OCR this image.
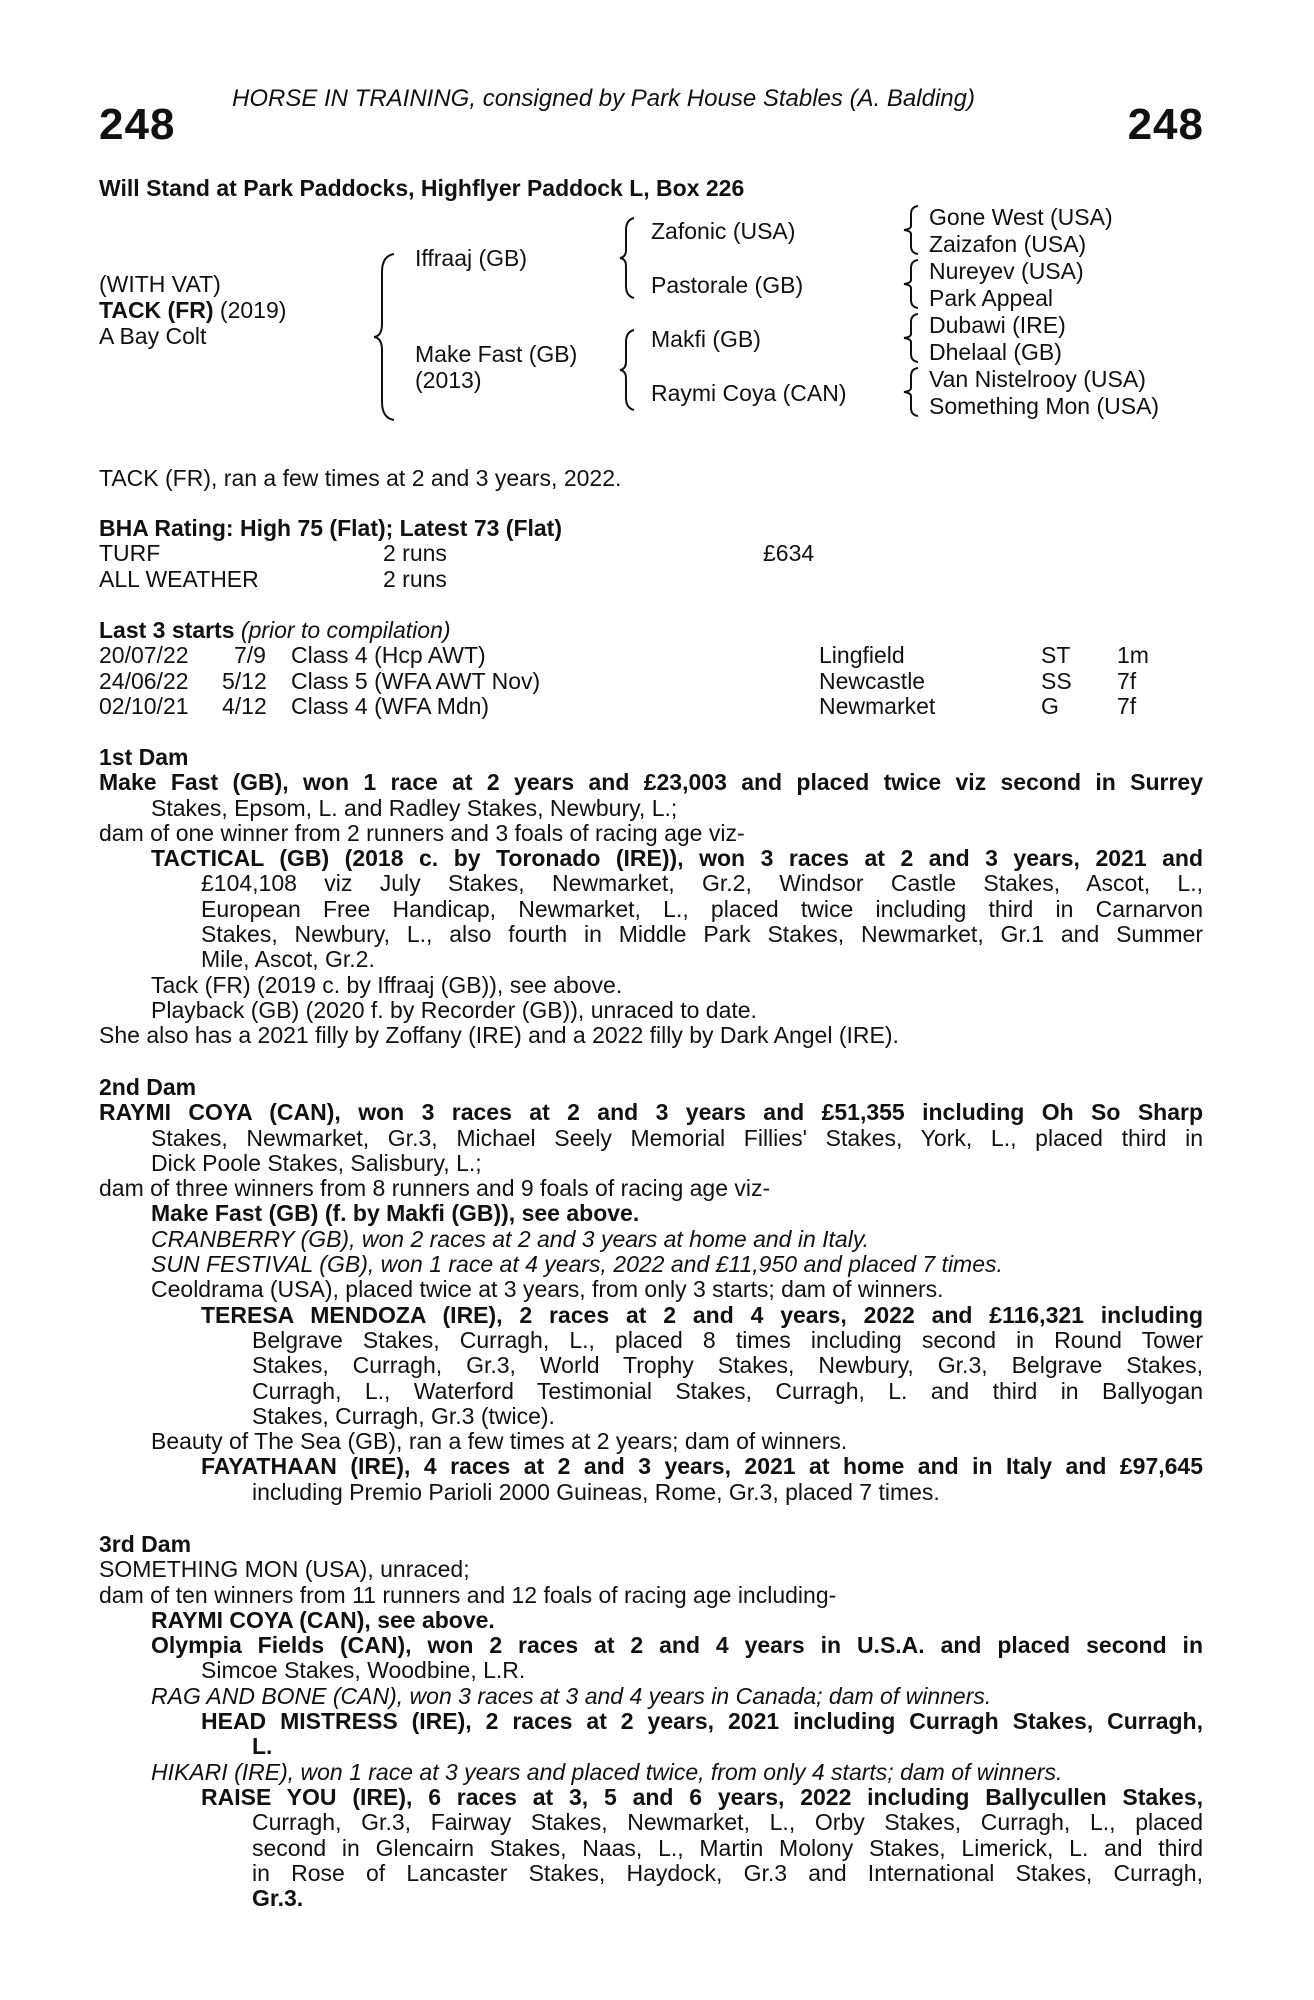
HORSE IN TRAINING, consigned by Park House Stables (A. Balding)
248	248
Will Stand at Park Paddocks, Highflyer Paddock L, Box 226
(WITH VAT)
TACK (FR) (2019)
A Bay Colt
Iffraaj (GB)
Make Fast (GB)
(2013)
Zafonic (USA)
Pastorale (GB)
Makfi (GB)
Raymi Coya (CAN)
Gone West (USA)
Zaizafon (USA)
Nureyev (USA)
Park Appeal
Dubawi (IRE)
Dhelaal (GB)
Van Nistelrooy (USA)
Something Mon (USA)
TACK (FR), ran a few times at 2 and 3 years, 2022.
BHA Rating: High 75 (Flat); Latest 73 (Flat)
TURF	2 runs	£634
ALL WEATHER	2 runs
Last 3 starts (prior to compilation)
20/07/22 7/9 Class 4 (Hcp AWT)	Lingfield	ST 1m
24/06/22 5/12 Class 5 (WFA AWT Nov)	Newcastle	SS 7f
02/10/21 4/12 Class 4 (WFA Mdn)	Newmarket	G	7f
1st Dam
Make Fast (GB), won 1 race at 2 years and £23,003 and placed twice viz second in Surrey
Stakes, Epsom, L. and Radley Stakes, Newbury, L.;
dam of one winner from 2 runners and 3 foals of racing age viz-
TACTICAL (GB) (2018 c. by Toronado (IRE)), won 3 races at 2 and 3 years, 2021 and
£104,108 viz July Stakes, Newmarket, Gr.2, Windsor Castle Stakes, Ascot, L.,
European Free Handicap, Newmarket, L., placed twice including third in Carnarvon
Stakes, Newbury, L., also fourth in Middle Park Stakes, Newmarket, Gr.1 and Summer
Mile, Ascot, Gr.2.
Tack (FR) (2019 c. by Iffraaj (GB)), see above.
Playback (GB) (2020 f. by Recorder (GB)), unraced to date.
She also has a 2021 filly by Zoffany (IRE) and a 2022 filly by Dark Angel (IRE).
2nd Dam
RAYMI COYA (CAN), won 3 races at 2 and 3 years and £51,355 including Oh So Sharp
Stakes, Newmarket, Gr.3, Michael Seely Memorial Fillies' Stakes, York, L., placed third in
Dick Poole Stakes, Salisbury, L.;
dam of three winners from 8 runners and 9 foals of racing age viz-
Make Fast (GB) (f. by Makfi (GB)), see above.
CRANBERRY (GB), won 2 races at 2 and 3 years at home and in Italy.
SUN FESTIVAL (GB), won 1 race at 4 years, 2022 and £11,950 and placed 7 times.
Ceoldrama (USA), placed twice at 3 years, from only 3 starts; dam of winners.
TERESA MENDOZA (IRE), 2 races at 2 and 4 years, 2022 and £116,321 including
Belgrave Stakes, Curragh, L., placed 8 times including second in Round Tower
Stakes, Curragh, Gr.3, World Trophy Stakes, Newbury, Gr.3, Belgrave Stakes,
Curragh, L., Waterford Testimonial Stakes, Curragh, L. and third in Ballyogan
Stakes, Curragh, Gr.3 (twice).
Beauty of The Sea (GB), ran a few times at 2 years; dam of winners.
FAYATHAAN (IRE), 4 races at 2 and 3 years, 2021 at home and in Italy and £97,645
including Premio Parioli 2000 Guineas, Rome, Gr.3, placed 7 times.
3rd Dam
SOMETHING MON (USA), unraced;
dam of ten winners from 11 runners and 12 foals of racing age including-
RAYMI COYA (CAN), see above.
Olympia Fields (CAN), won 2 races at 2 and 4 years in U.S.A. and placed second in
Simcoe Stakes, Woodbine, L.R.
RAG AND BONE (CAN), won 3 races at 3 and 4 years in Canada; dam of winners.
HEAD MISTRESS (IRE), 2 races at 2 years, 2021 including Curragh Stakes, Curragh,
L.
HIKARI (IRE), won 1 race at 3 years and placed twice, from only 4 starts; dam of winners.
RAISE YOU (IRE), 6 races at 3, 5 and 6 years, 2022 including Ballycullen Stakes,
Curragh, Gr.3, Fairway Stakes, Newmarket, L., Orby Stakes, Curragh, L., placed
second in Glencairn Stakes, Naas, L., Martin Molony Stakes, Limerick, L. and third
in Rose of Lancaster Stakes, Haydock, Gr.3 and International Stakes, Curragh,
Gr.3.
